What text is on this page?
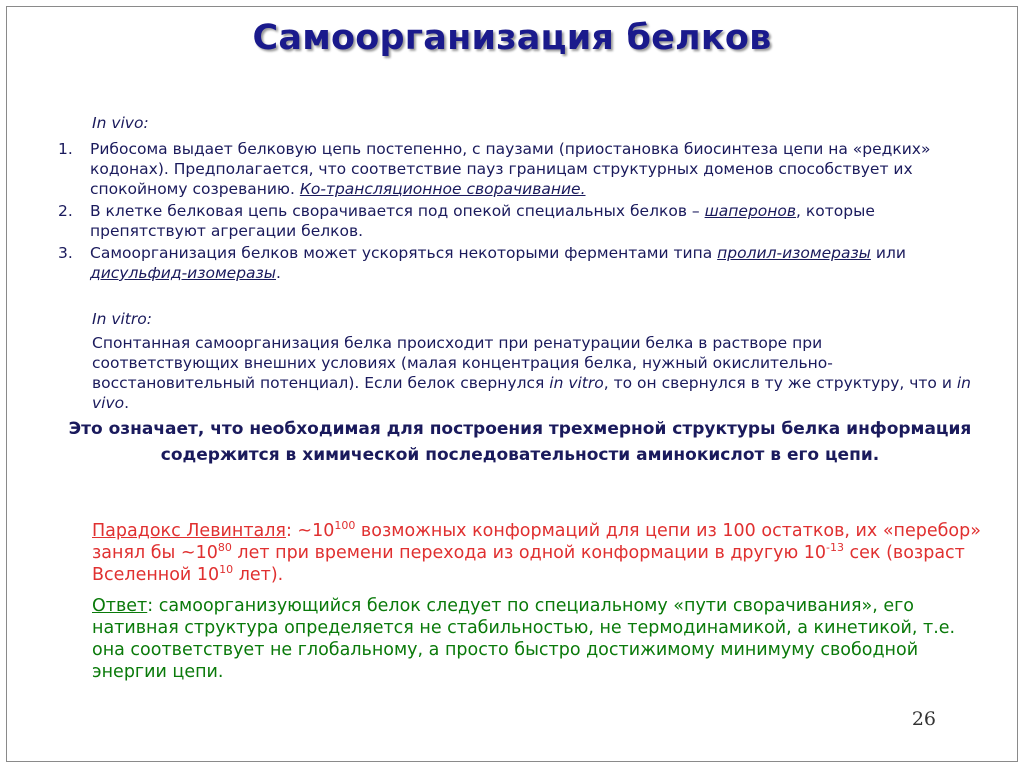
Самоорганизация белков
In vivo:
1.	Рибосома выдает белковую цепь постепенно, с паузами (приостановка биосинтеза цепи на «редких» кодонах). Предполагается, что соответствие пауз границам структурных доменов способствует их спокойному созреванию. Ко-трансляционное сворачивание.
2.	В клетке белковая цепь сворачивается под опекой специальных белков – шаперонов, которые препятствуют агрегации белков.
3.	Самоорганизация белков может ускоряться некоторыми ферментами типа пролил-изомеразы или дисульфид-изомеразы.
In vitro:
Спонтанная самоорганизация белка происходит при ренатурации белка в растворе при соответствующих внешних условиях (малая концентрация белка, нужный окислительно-восстановительный потенциал). Если белок свернулся in vitro, то он свернулся в ту же структуру, что и in vivo.
Это означает, что необходимая для построения трехмерной структуры белка информация содержится в химической последовательности аминокислот в его цепи.
Парадокс Левинталя: $\sim 10^{100}$ возможных конформаций для цепи из 100 остатков, их «перебор» занял бы $\sim 10^{80}$ лет при времени перехода из одной конформации в другую $10^{-13}$ сек (возраст Вселенной $10^{10}$ лет).
Ответ: самоорганизующийся белок следует по специальному «пути сворачивания», его нативная структура определяется не стабильностью, не термодинамикой, а кинетикой, т.е. она соответствует не глобальному, а просто быстро достижимому минимуму свободной энергии цепи.
26
